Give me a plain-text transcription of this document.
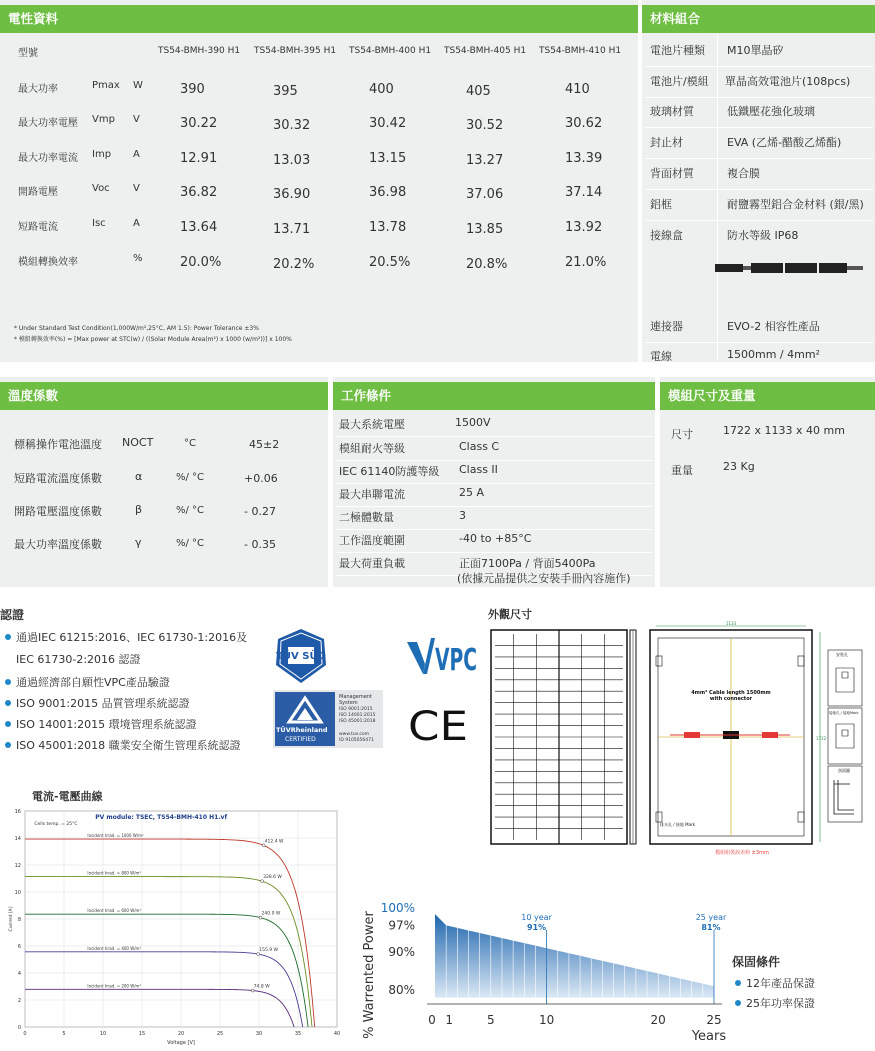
電性資料
型號	TS54-BMH-390 H1 TS54-BMH-395 H1 TS54-BMH-400 H1 TS54-BMH-405 H1 TS54-BMH-410 H1
最大功率	Pmax W	390	395	400	405	410
最大功率電壓 Vmp V	30.22	30.32	30.42	30.52	30.62
最大功率電流 Imp A	12.91	13.03	13.15	13.27	13.39
開路電壓	Voc V	36.82	36.90	36.98	37.06	37.14
短路電流	Isc	A	13.64	13.71	13.78	13.85	13.92
模組轉換效率	%	20.0%	20.2%	20.5%	20.8%	21.0%
* Under Standard Test Condition(1,000W/m²,25°C, AM 1.5): Power Tolerance ±3%
* 模組轉換效率(%) = [Max power at STC(w) / ((Solar Module Area(m²) x 1000 (w/m²))] x 100%
材料組合
電池片種類 M10單晶矽
電池片/模組 單晶高效電池片(108pcs)
玻璃材質	低鐵壓花強化玻璃
封止材	EVA (乙烯-醋酸乙烯酯)
背面材質	複合膜
鋁框	耐鹽霧型鋁合金材料 (銀/黑)
接線盒	防水等級 IP68
連接器	EVO-2 相容性產品
電線	1500mm / 4mm²
溫度係數
標稱操作電池溫度 NOCT	°C	45±2
短路電流溫度係數	α	%/ °C	+0.06
開路電壓溫度係數	β	%/ °C	- 0.27
最大功率溫度係數	γ	%/ °C	- 0.35
工作條件
最大系統電壓	1500V
模組耐火等級	Class C
IEC 61140防護等級 Class II
最大串聯電流	25 A
二極體數量	3
工作溫度範圍	-40 to +85°C
最大荷重負載	正面7100Pa / 背面5400Pa
(依據元晶提供之安裝手冊內容施作)
模組尺寸及重量
尺寸	1722 x 1133 x 40 mm
重量	23 Kg
認證
通過IEC 61215:2016、IEC 61730-1:2016及
IEC 61730-2:2016 認證
通過經濟部自願性VPC產品驗證
ISO 9001:2015 品質管理系統認證
ISO 14001:2015 環境管理系統認證
ISO 45001:2018 職業安全衛生管理系統認證
TÜV SÜD
TÜVRheinland
CERTIFIED
Management
System
ISO 9001:2015
ISO 14001:2015
ISO 45001:2018
www.tuv.com
ID 9105056471
VPC
CE
外觀尺寸
1133
1722
4mm² Cable length 1500mm
with connector
排水孔 / 接地 Mark
模組組裝誤差約 ±3mm
安裝孔
接地孔 / 接地Mark
剖面圖
電流-電壓曲線
0
2
4
6
8
10
12
14
16
0	5	10	15	20	25	30	35	40
Voltage [V]
Current [A]
PV module: TSEC, TS54-BMH-410 H1.vf
Cells temp. = 25°C
412.4 W
Incident Irrad. = 1000 W/m²
328.6 W
Incident Irrad. = 800 W/m²
240.0 W
Incident Irrad. = 600 W/m²
155.9 W
Incident Irrad. = 400 W/m²
74.8 W
Incident Irrad. = 200 W/m²	% Warrented Power
100%
97%
90%
80%
10 year
91%
25 year
81%
0 1	5	10	20	25
Years
保固條件
12年產品保證
25年功率保證
